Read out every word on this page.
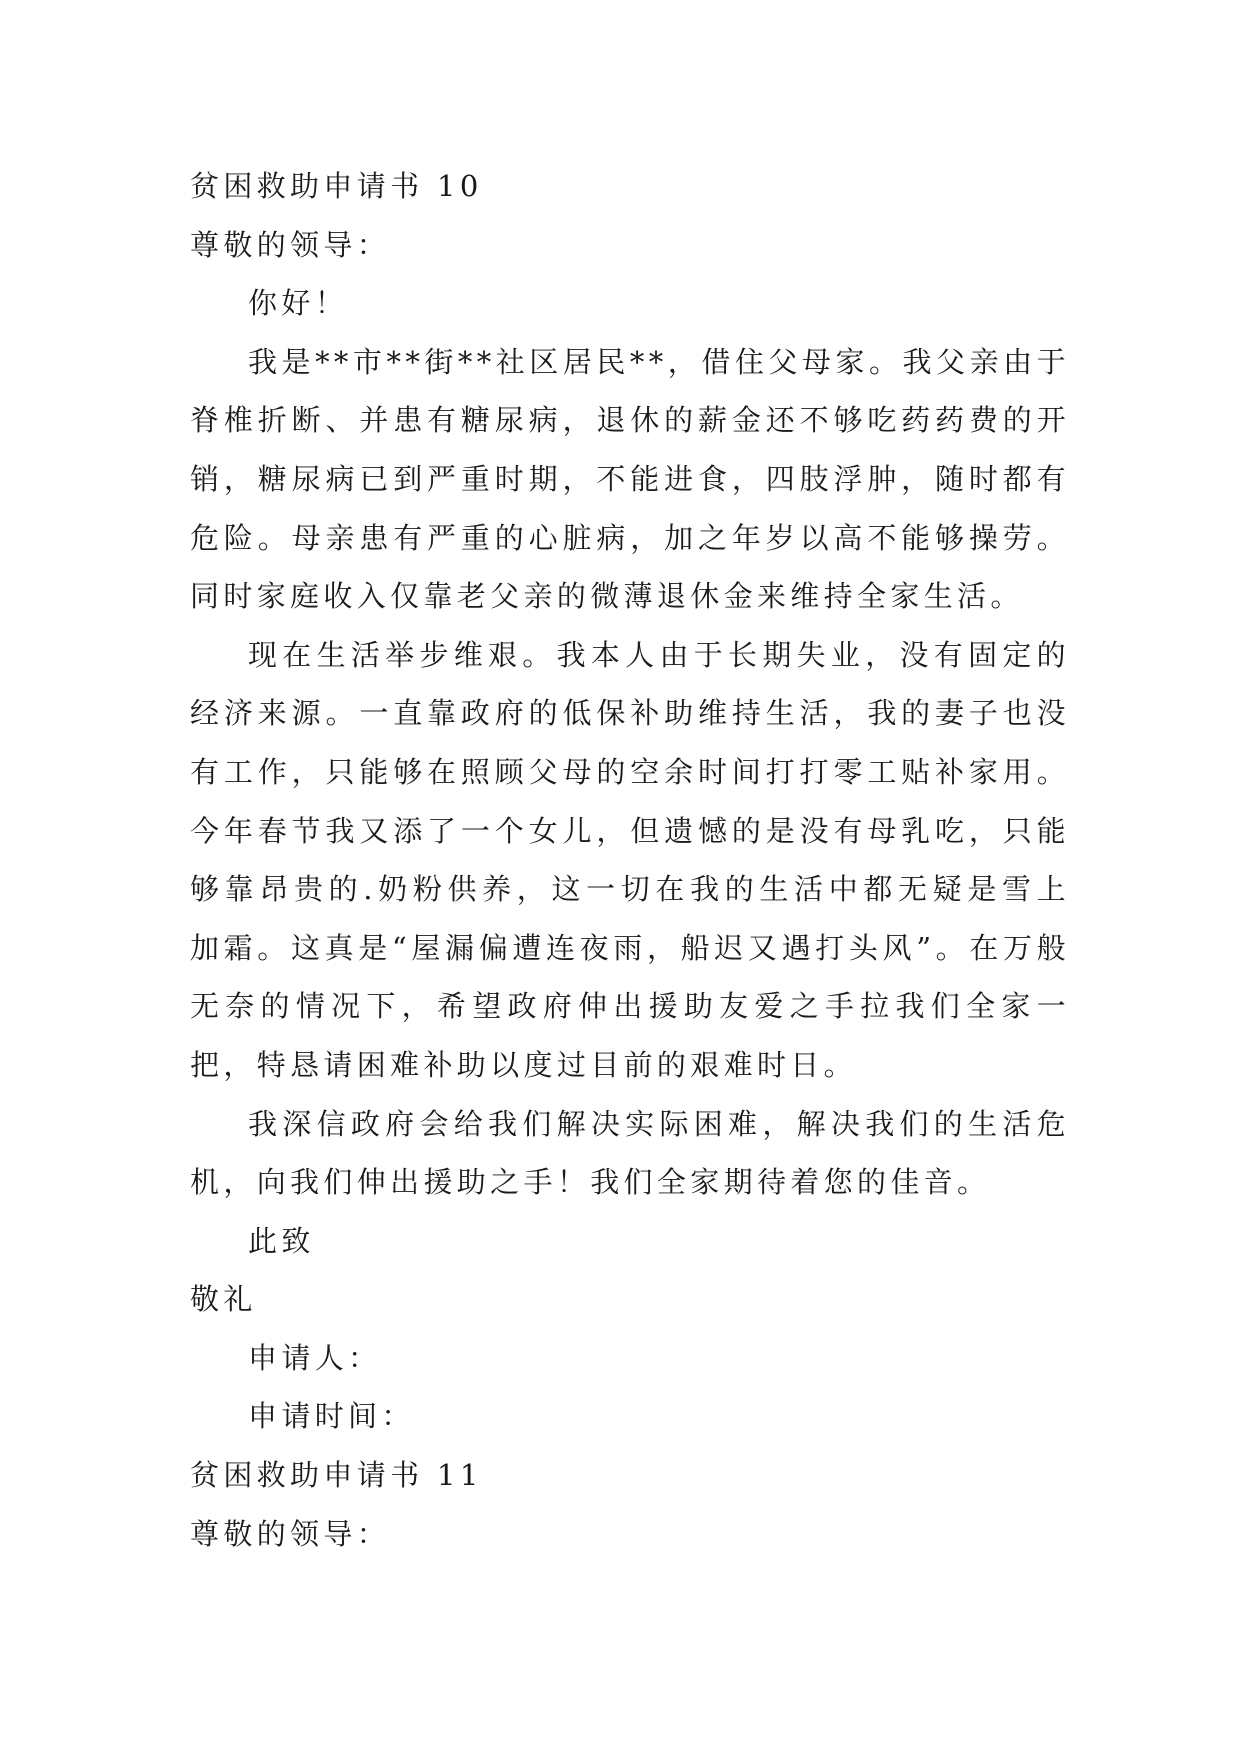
贫困救助申请书 10
尊敬的领导：
你好！

我是**市**街**社区居民**，借住父母家。我父亲由于脊椎折断、并患有糖尿病，退休的薪金还不够吃药药费的开销，糖尿病已到严重时期，不能进食，四肢浮肿，随时都有危险。母亲患有严重的心脏病，加之年岁以高不能够操劳。同时家庭收入仅靠老父亲的微薄退休金来维持全家生活。

现在生活举步维艰。我本人由于长期失业，没有固定的经济来源。一直靠政府的低保补助维持生活，我的妻子也没有工作，只能够在照顾父母的空余时间打打零工贴补家用。今年春节我又添了一个女儿，但遗憾的是没有母乳吃，只能够靠昂贵的.奶粉供养，这一切在我的生活中都无疑是雪上加霜。这真是“屋漏偏遭连夜雨，船迟又遇打头风”。在万般无奈的情况下，希望政府伸出援助友爱之手拉我们全家一把，特恳请困难补助以度过目前的艰难时日。

我深信政府会给我们解决实际困难，解决我们的生活危机，向我们伸出援助之手！我们全家期待着您的佳音。

此致
敬礼
申请人：
申请时间：
贫困救助申请书 11
尊敬的领导：
